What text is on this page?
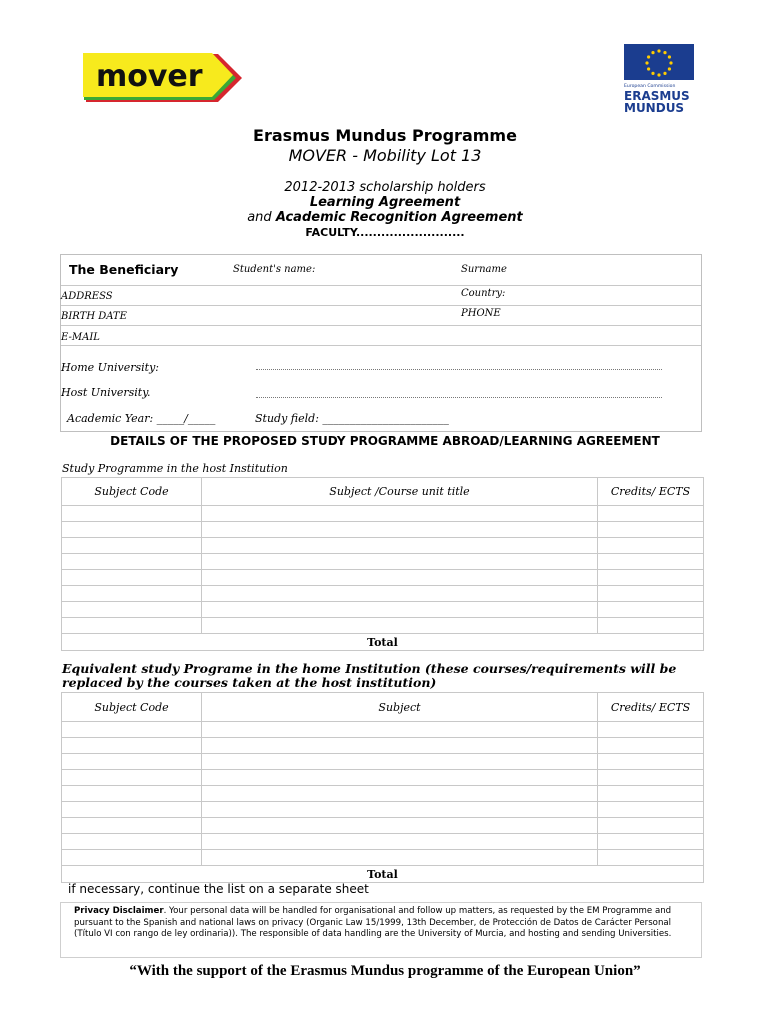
mover	European Commission
ERASMUS
MUNDUS
Erasmus Mundus Programme
MOVER - Mobility Lot 13
2012-2013 scholarship holders
Learning Agreement
and Academic Recognition Agreement
FACULTY..........................
The Beneficiary	Student's name:	Surname
ADDRESS	Country:
BIRTH DATE	PHONE
E-MAIL
Home University:
Host University.
Academic Year: _____/_____	Study field: _______________________
DETAILS OF THE PROPOSED STUDY PROGRAMME ABROAD/LEARNING AGREEMENT
Study Programme in the host Institution
Subject Code	Subject /Course unit title	Credits/ ECTS

Total		
Equivalent study Programe in the home Institution (these courses/requirements will be replaced by the courses taken at the host institution)
Subject Code	Subject	Credits/ ECTS

Total		
if necessary, continue the list on a separate sheet
Privacy Disclaimer. Your personal data will be handled for organisational and follow up matters, as requested by the EM Programme and pursuant to the Spanish and national laws on privacy (Organic Law 15/1999, 13th December, de Protección de Datos de Carácter Personal (Título VI con rango de ley ordinaria)). The responsible of data handling are the University of Murcia, and hosting and sending Universities.
“With the support of the Erasmus Mundus programme of the European Union”
